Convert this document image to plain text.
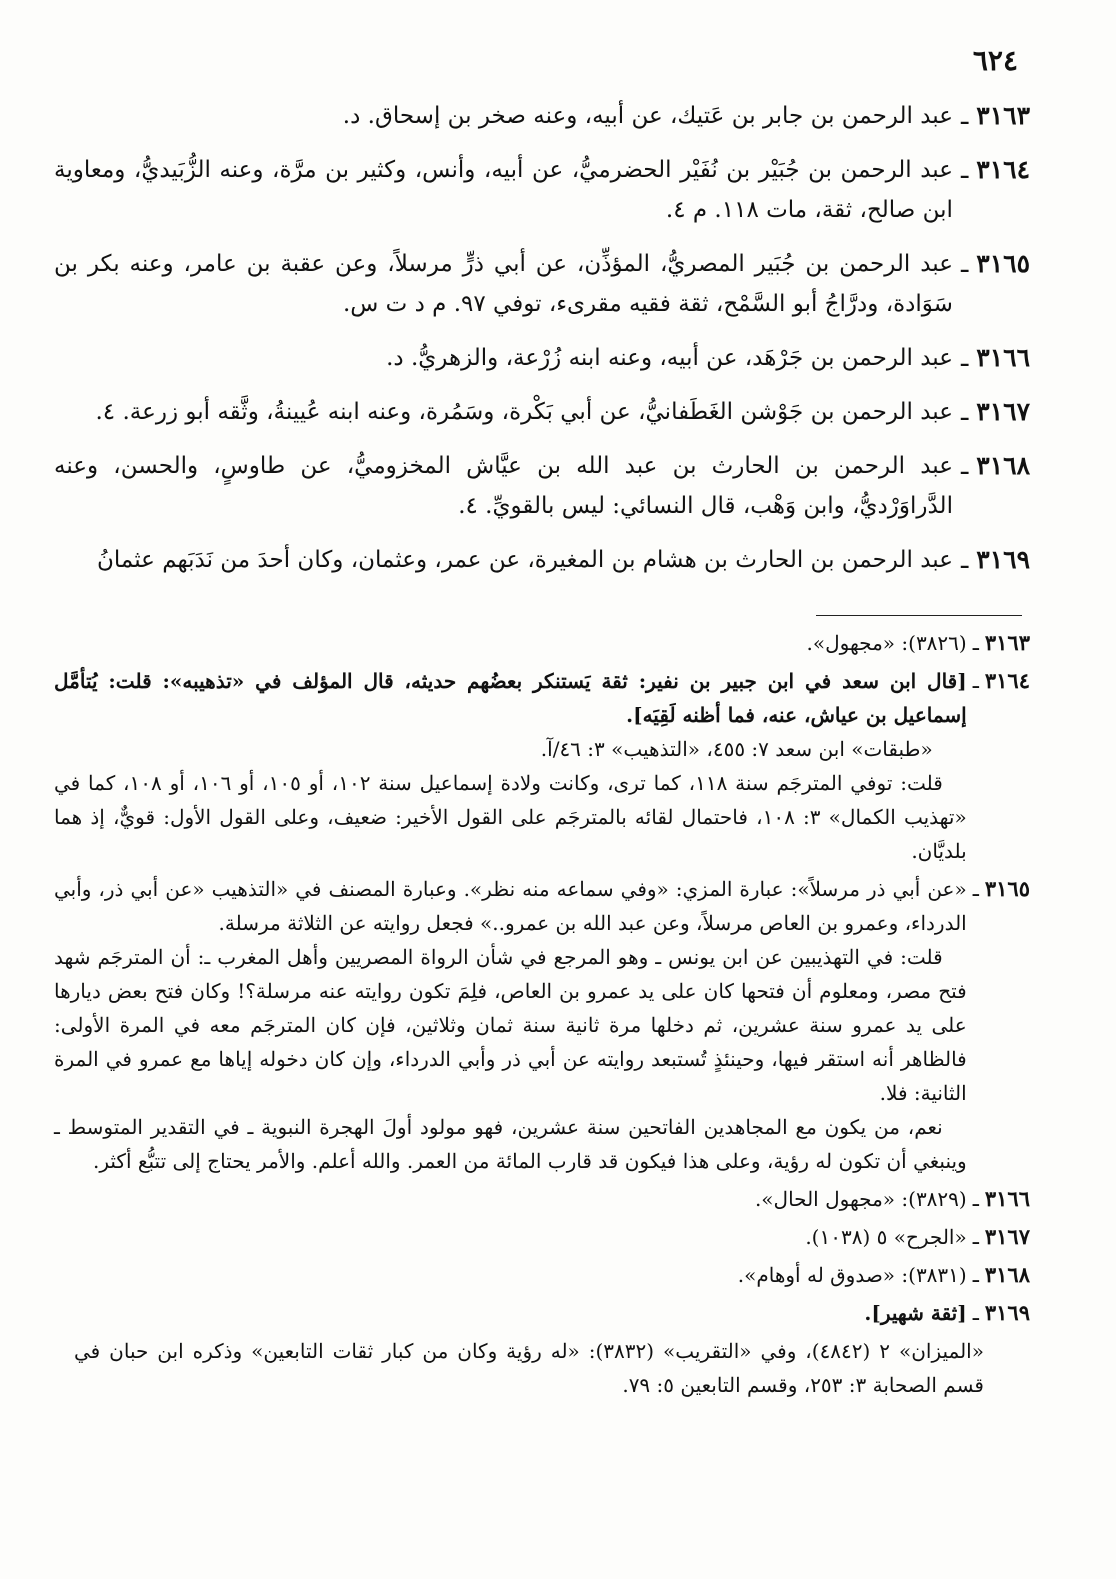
٦٢٤
٣١٦٣
ـ
عبد الرحمن بن جابر بن عَتيك، عن أبيه، وعنه صخر بن إسحاق. د.
٣١٦٤
ـ
عبد الرحمن بن جُبَيْر بن نُفَيْر الحضرميُّ، عن أبيه، وأنس، وكثير بن مرَّة، وعنه الزُّبَيديُّ، ومعاوية ابن صالح، ثقة، مات ١١٨. م ٤.
٣١٦٥
ـ
عبد الرحمن بن جُبَير المصريُّ، المؤذِّن، عن أبي ذرٍّ مرسلاً، وعن عقبة بن عامر، وعنه بكر بن سَوَادة، ودرَّاجُ أبو السَّمْح، ثقة فقيه مقرىء، توفي ٩٧. م د ت س.
٣١٦٦
ـ
عبد الرحمن بن جَرْهَد، عن أبيه، وعنه ابنه زُرْعة، والزهريُّ. د.
٣١٦٧
ـ
عبد الرحمن بن جَوْشن الغَطَفانيُّ، عن أبي بَكْرة، وسَمُرة، وعنه ابنه عُيينةُ، وثَّقه أبو زرعة. ٤.
٣١٦٨
ـ
عبد الرحمن بن الحارث بن عبد الله بن عيَّاش المخزوميُّ، عن طاوسٍ، والحسن، وعنه الدَّراوَرْديُّ، وابن وَهْب، قال النسائي: ليس بالقويِّ. ٤.
٣١٦٩
ـ
عبد الرحمن بن الحارث بن هشام بن المغيرة، عن عمر، وعثمان، وكان أحدَ من نَدَبَهم عثمانُ
٣١٦٣
ـ
(٣٨٢٦): «مجهول».
٣١٦٤
ـ
[قال ابن سعد في ابن جبير بن نفير: ثقة يَستنكر بعضُهم حديثه، قال المؤلف في «تذهيبه»: قلت: يُتأمَّل إسماعيل بن عياش، عنه، فما أظنه لَقِيَه].
«طبقات» ابن سعد ٧: ٤٥٥، «التذهيب» ٣: ٤٦/آ.
قلت: توفي المترجَم سنة ١١٨، كما ترى، وكانت ولادة إسماعيل سنة ١٠٢، أو ١٠٥، أو ١٠٦، أو ١٠٨، كما في «تهذيب الكمال» ٣: ١٠٨، فاحتمال لقائه بالمترجَم على القول الأخير: ضعيف، وعلى القول الأول: قويٌّ، إذ هما بلديَّان.
٣١٦٥
ـ
«عن أبي ذر مرسلاً»: عبارة المزي: «وفي سماعه منه نظر». وعبارة المصنف في «التذهيب «عن أبي ذر، وأبي الدرداء، وعمرو بن العاص مرسلاً، وعن عبد الله بن عمرو..» فجعل روايته عن الثلاثة مرسلة.
قلت: في التهذيبين عن ابن يونس ـ وهو المرجع في شأن الرواة المصريين وأهل المغرب ـ: أن المترجَم شهد فتح مصر، ومعلوم أن فتحها كان على يد عمرو بن العاص، فلِمَ تكون روايته عنه مرسلة؟! وكان فتح بعض ديارها على يد عمرو سنة عشرين، ثم دخلها مرة ثانية سنة ثمان وثلاثين، فإن كان المترجَم معه في المرة الأولى: فالظاهر أنه استقر فيها، وحينئذٍ تُستبعد روايته عن أبي ذر وأبي الدرداء، وإن كان دخوله إياها مع عمرو في المرة الثانية: فلا.
نعم، من يكون مع المجاهدين الفاتحين سنة عشرين، فهو مولود أولَ الهجرة النبوية ـ في التقدير المتوسط ـ وينبغي أن تكون له رؤية، وعلى هذا فيكون قد قارب المائة من العمر. والله أعلم. والأمر يحتاج إلى تتبُّع أكثر.
٣١٦٦
ـ
(٣٨٢٩): «مجهول الحال».
٣١٦٧
ـ
«الجرح» ٥ (١٠٣٨).
٣١٦٨
ـ
(٣٨٣١): «صدوق له أوهام».
٣١٦٩
ـ
[ثقة شهير].
«الميزان» ٢ (٤٨٤٢)، وفي «التقريب» (٣٨٣٢): «له رؤية وكان من كبار ثقات التابعين» وذكره ابن حبان في قسم الصحابة ٣: ٢٥٣، وقسم التابعين ٥: ٧٩.
